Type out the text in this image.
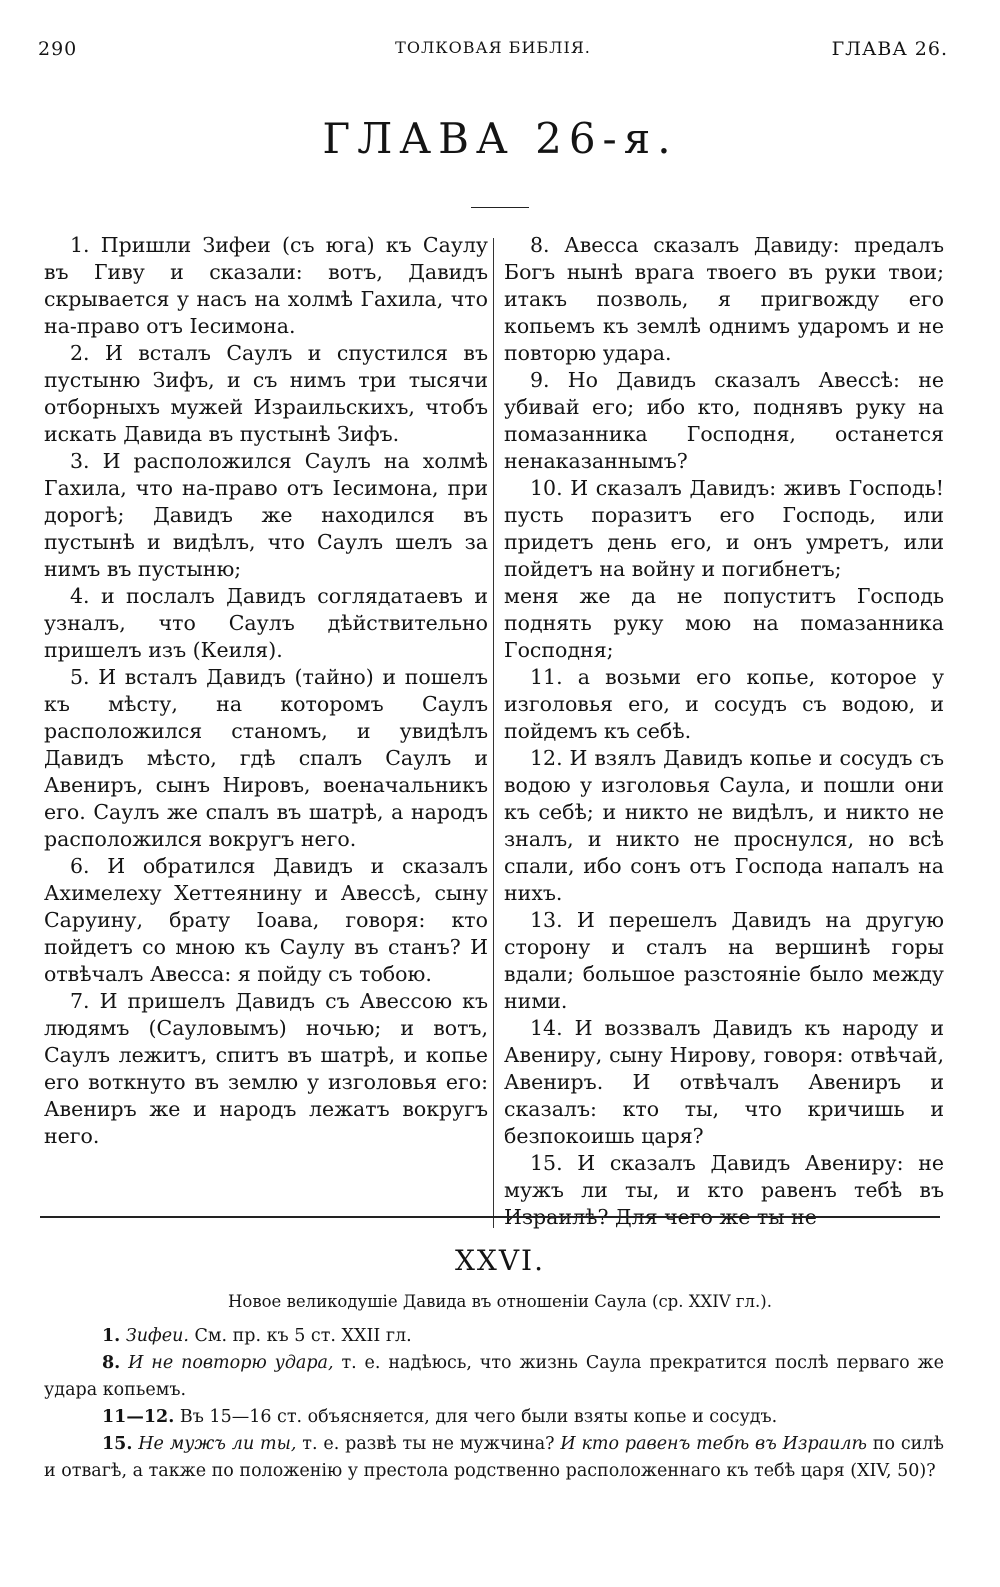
290	ТОЛКОВАЯ БИБЛІЯ.	ГЛАВА 26.
ГЛАВА 26-я.

1. Пришли Зифеи (съ юга) къ Саулу въ Гиву и сказали: вотъ, Давидъ скрывается у насъ на холмѣ Гахила, что на-право отъ Іесимона.

2. И всталъ Саулъ и спустился въ пустыню Зифъ, и съ нимъ три тысячи отборныхъ мужей Израильскихъ, чтобъ искать Давида въ пустынѣ Зифъ.

3. И расположился Саулъ на холмѣ Гахила, что на-право отъ Іесимона, при дорогѣ; Давидъ же находился въ пустынѣ и видѣлъ, что Саулъ шелъ за нимъ въ пустыню;

4. и послалъ Давидъ соглядатаевъ и узналъ, что Саулъ дѣйствительно пришелъ изъ (Кеиля).

5. И всталъ Давидъ (тайно) и пошелъ къ мѣсту, на которомъ Саулъ расположился станомъ, и увидѣлъ Давидъ мѣсто, гдѣ спалъ Саулъ и Авениръ, сынъ Нировъ, военачальникъ его. Саулъ же спалъ въ шатрѣ, а народъ расположился вокругъ него.

6. И обратился Давидъ и сказалъ Ахимелеху Хеттеянину и Авессѣ, сыну Саруину, брату Іоава, говоря: кто пойдетъ со мною къ Саулу въ станъ? И отвѣчалъ Авесса: я пойду съ тобою.

7. И пришелъ Давидъ съ Авессою къ людямъ (Сауловымъ) ночью; и вотъ, Саулъ лежитъ, спитъ въ шатрѣ, и копье его воткнуто въ землю у изголовья его: Авениръ же и народъ лежатъ вокругъ него.

8. Авесса сказалъ Давиду: предалъ Богъ нынѣ врага твоего въ руки твои; итакъ позволь, я пригвожду его копьемъ къ землѣ однимъ ударомъ и не повторю удара.

9. Но Давидъ сказалъ Авессѣ: не убивай его; ибо кто, поднявъ руку на помазанника Господня, останется ненаказаннымъ?

10. И сказалъ Давидъ: живъ Господь! пусть поразитъ его Господь, или придетъ день его, и онъ умретъ, или пойдетъ на войну и погибнетъ;

меня же да не попуститъ Господь поднять руку мою на помазанника Господня;

11. а возьми его копье, которое у изголовья его, и сосудъ съ водою, и пойдемъ къ себѣ.

12. И взялъ Давидъ копье и сосудъ съ водою у изголовья Саула, и пошли они къ себѣ; и никто не видѣлъ, и никто не зналъ, и никто не проснулся, но всѣ спали, ибо сонъ отъ Господа напалъ на нихъ.

13. И перешелъ Давидъ на другую сторону и сталъ на вершинѣ горы вдали; большое разстояніе было между ними.

14. И воззвалъ Давидъ къ народу и Авениру, сыну Нирову, говоря: отвѣчай, Авениръ. И отвѣчалъ Авениръ и сказалъ: кто ты, что кричишь и безпокоишь царя?

15. И сказалъ Давидъ Авениру: не мужъ ли ты, и кто равенъ тебѣ въ Израилѣ? Для чего же ты не

XXVI.
Новое великодушіе Давида въ отношеніи Саула (ср. XXIV гл.).

1. Зифеи. См. пр. къ 5 ст. XXII гл.

8. И не повторю удара, т. е. надѣюсь, что жизнь Саула прекратится послѣ перваго же удара копьемъ.

11—12. Въ 15—16 ст. объясняется, для чего были взяты копье и сосудъ.

15. Не мужъ ли ты, т. е. развѣ ты не мужчина? И кто равенъ тебѣ въ Израилѣ по силѣ и отвагѣ, а также по положенію у престола родственно расположеннаго къ тебѣ царя (XIV, 50)?
